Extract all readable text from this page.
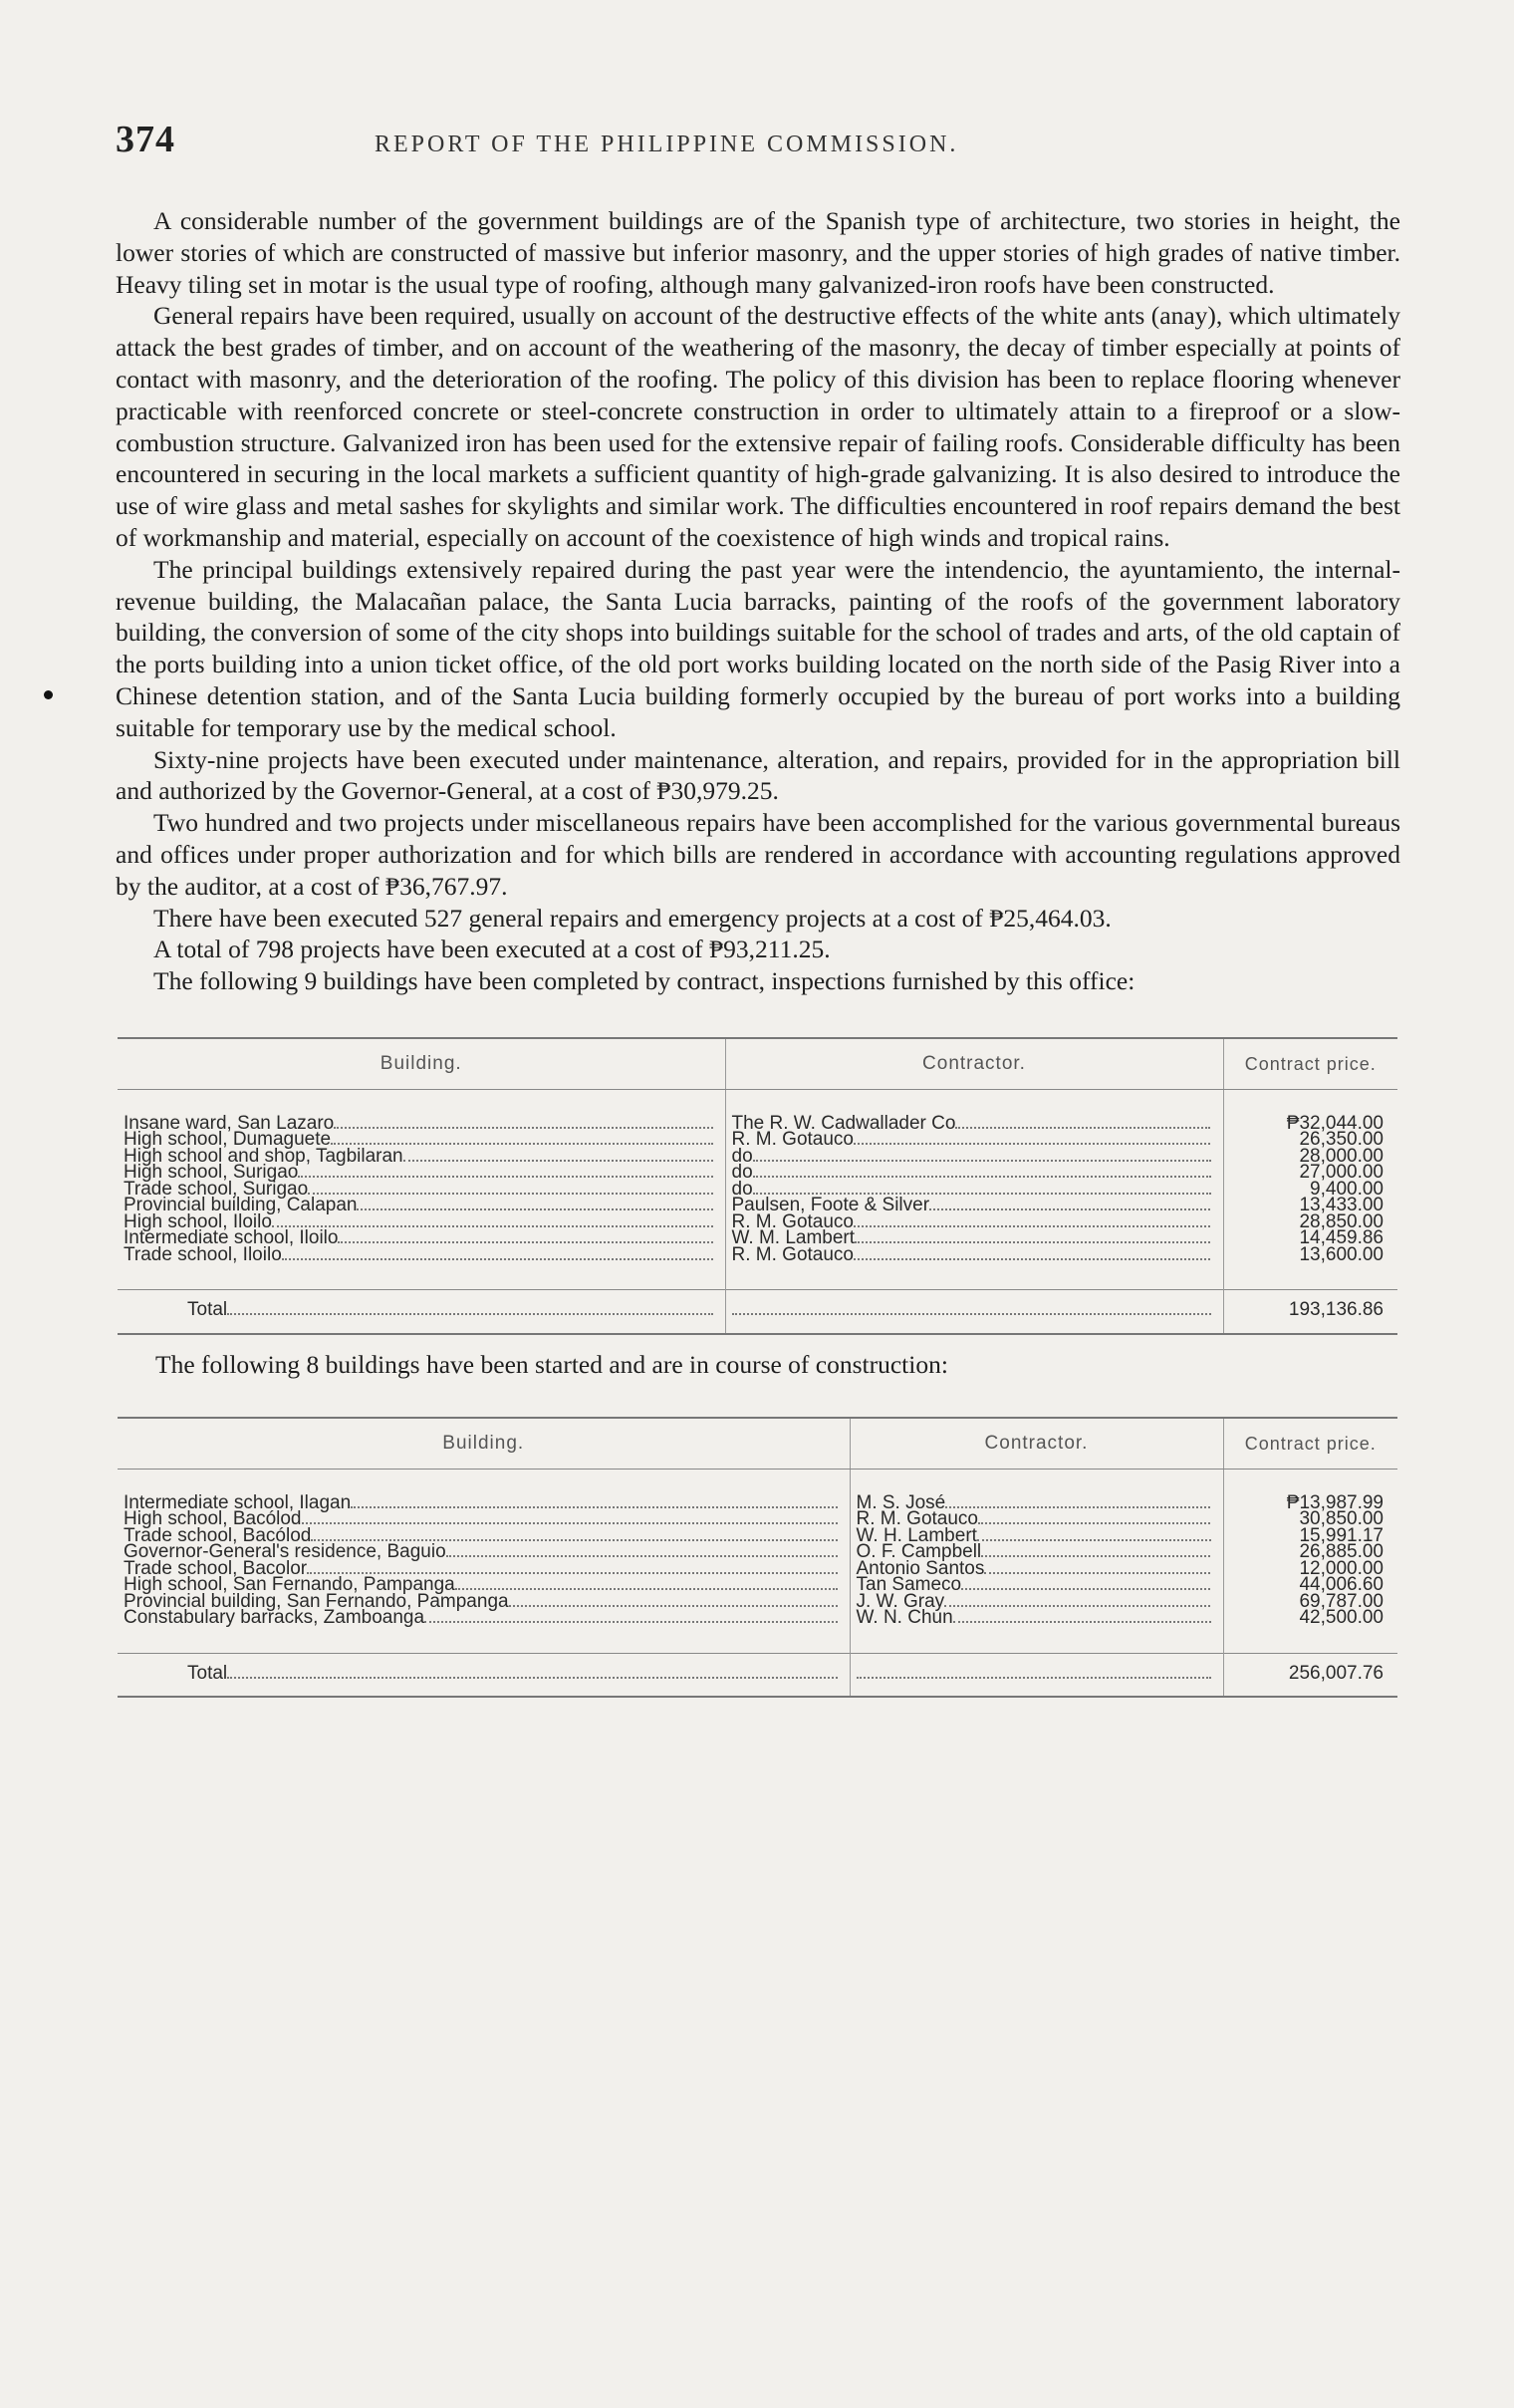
374	REPORT OF THE PHILIPPINE COMMISSION.

A considerable number of the government buildings are of the Spanish type of architecture, two stories in height, the lower stories of which are constructed of massive but inferior masonry, and the upper stories of high grades of native timber. Heavy tiling set in motar is the usual type of roofing, although many galvanized-iron roofs have been constructed.

General repairs have been required, usually on account of the destructive effects of the white ants (anay), which ultimately attack the best grades of timber, and on account of the weathering of the masonry, the decay of timber especially at points of contact with masonry, and the deterioration of the roofing. The policy of this division has been to replace flooring whenever practicable with reenforced concrete or steel-concrete construction in order to ultimately attain to a fireproof or a slow-combustion structure. Galvanized iron has been used for the extensive repair of failing roofs. Considerable difficulty has been encountered in securing in the local markets a sufficient quantity of high-grade galvanizing. It is also desired to introduce the use of wire glass and metal sashes for skylights and similar work. The difficulties encountered in roof repairs demand the best of workmanship and material, especially on account of the coexistence of high winds and tropical rains.

The principal buildings extensively repaired during the past year were the intendencio, the ayuntamiento, the internal-revenue building, the Malacañan palace, the Santa Lucia barracks, painting of the roofs of the government laboratory building, the conversion of some of the city shops into buildings suitable for the school of trades and arts, of the old captain of the ports building into a union ticket office, of the old port works building located on the north side of the Pasig River into a Chinese detention station, and of the Santa Lucia building formerly occupied by the bureau of port works into a building suitable for temporary use by the medical school.

Sixty-nine projects have been executed under maintenance, alteration, and repairs, provided for in the appropriation bill and authorized by the Governor-General, at a cost of ₱30,979.25.

Two hundred and two projects under miscellaneous repairs have been accomplished for the various governmental bureaus and offices under proper authorization and for which bills are rendered in accordance with accounting regulations approved by the auditor, at a cost of ₱36,767.97.

There have been executed 527 general repairs and emergency projects at a cost of ₱25,464.03.

A total of 798 projects have been executed at a cost of ₱93,211.25.

The following 9 buildings have been completed by contract, inspections furnished by this office:

Building.	Contractor.	Contract price.

Insane ward, San Lazaro	The R. W. Cadwallader Co	₱32,044.00
High school, Dumaguete	R. M. Gotauco	26,350.00
High school and shop, Tagbilaran	do	28,000.00
High school, Surigao	do	27,000.00
Trade school, Surigao	do	9,400.00
Provincial building, Calapan	Paulsen, Foote & Silver	13,433.00
High school, Iloilo	R. M. Gotauco	28,850.00
Intermediate school, Iloilo	W. M. Lambert	14,459.86
Trade school, Iloilo	R. M. Gotauco	13,600.00

Total		193,136.86
The following 8 buildings have been started and are in course of construction:
Building.	Contractor.	Contract price.

Intermediate school, Ilagan	M. S. José	₱13,987.99
High school, Bacólod	R. M. Gotauco	30,850.00
Trade school, Bacólod	W. H. Lambert	15,991.17
Governor-General's residence, Baguio	O. F. Campbell	26,885.00
Trade school, Bacolor	Antonio Santos	12,000.00
High school, San Fernando, Pampanga	Tan Sameco	44,006.60
Provincial building, San Fernando, Pampanga	J. W. Gray	69,787.00
Constabulary barracks, Zamboanga	W. N. Chun	42,500.00

Total		256,007.76
